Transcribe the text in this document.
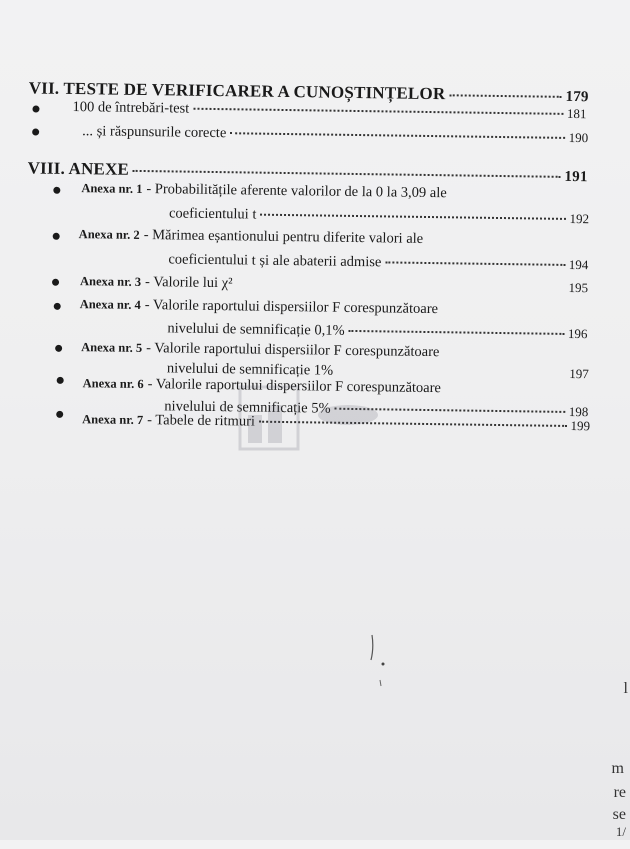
VII. TESTE DE VERIFICARER A CUNOȘTINȚELOR	179
100 de întrebări-test	181
... și răspunsurile corecte	190
VIII. ANEXE	191
Anexa nr. 1 - Probabilitățile aferente valorilor de la 0 la 3,09 ale
coeficientului t	192
Anexa nr. 2 - Mărimea eșantionului pentru diferite valori ale
coeficientului t și ale abaterii admise	194
Anexa nr. 3 - Valorile lui χ²	195
Anexa nr. 4 - Valorile raportului dispersiilor F corespunzătoare
nivelului de semnificație 0,1%	196
Anexa nr. 5 - Valorile raportului dispersiilor F corespunzătoare
nivelului de semnificație 1%	197
Anexa nr. 6 - Valorile raportului dispersiilor F corespunzătoare
nivelului de semnificație 5%	198
Anexa nr. 7 - Tabele de ritmuri	199
l
m
re
se
1/
